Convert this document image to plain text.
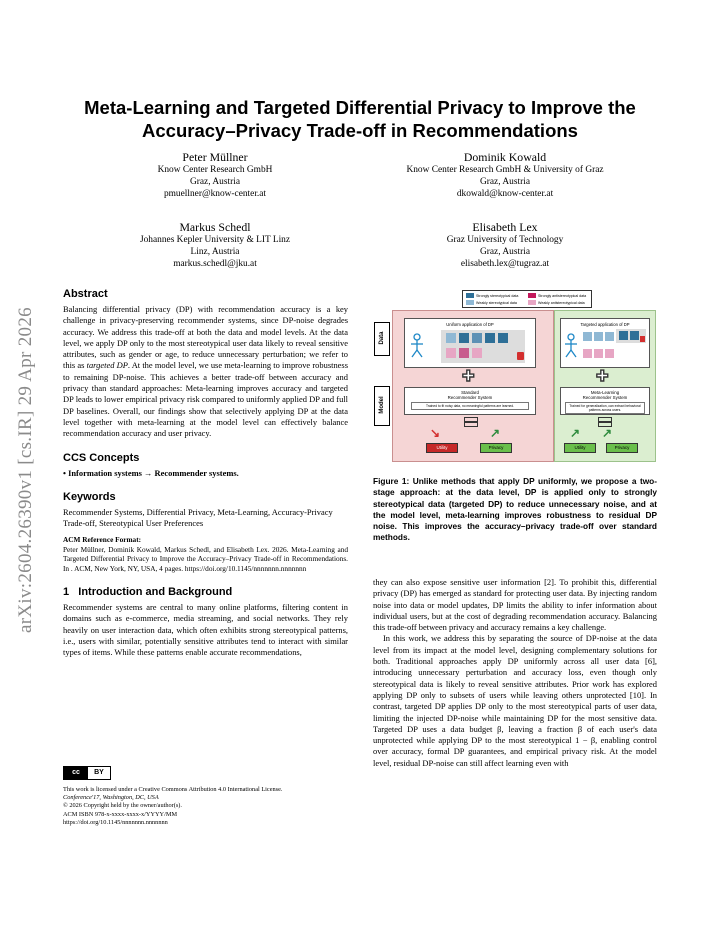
arXiv:2604.26390v1 [cs.IR] 29 Apr 2026
Meta-Learning and Targeted Differential Privacy to Improve the Accuracy–Privacy Trade-off in Recommendations
Peter Müllner
Know Center Research GmbH
Graz, Austria
pmuellner@know-center.at
Dominik Kowald
Know Center Research GmbH & University of Graz
Graz, Austria
dkowald@know-center.at
Markus Schedl
Johannes Kepler University & LIT Linz
Linz, Austria
markus.schedl@jku.at
Elisabeth Lex
Graz University of Technology
Graz, Austria
elisabeth.lex@tugraz.at
Abstract
Balancing differential privacy (DP) with recommendation accuracy is a key challenge in privacy-preserving recommender systems, since DP-noise degrades accuracy. We address this trade-off at both the data and model levels. At the data level, we apply DP only to the most stereotypical user data likely to reveal sensitive attributes, such as gender or age, to reduce unnecessary perturbation; we refer to this as targeted DP. At the model level, we use meta-learning to improve robustness to remaining DP-noise. This achieves a better trade-off between accuracy and privacy than standard approaches: Meta-learning improves accuracy and targeted DP leads to lower empirical privacy risk compared to uniformly applied DP and full DP baselines. Overall, our findings show that selectively applying DP at the data level together with meta-learning at the model level can effectively balance recommendation accuracy and user privacy.
CCS Concepts
• Information systems → Recommender systems.
Keywords
Recommender Systems, Differential Privacy, Meta-Learning, Accuracy-Privacy Trade-off, Stereotypical User Preferences
ACM Reference Format:
Peter Müllner, Dominik Kowald, Markus Schedl, and Elisabeth Lex. 2026. Meta-Learning and Targeted Differential Privacy to Improve the Accuracy–Privacy Trade-off in Recommendations. In . ACM, New York, NY, USA, 4 pages. https://doi.org/10.1145/nnnnnnn.nnnnnnn
1   Introduction and Background
Recommender systems are central to many online platforms, filtering content in domains such as e-commerce, media streaming, and social networks. They rely heavily on user interaction data, which often exhibits strong stereotypical patterns, i.e., users with similar, potentially sensitive attributes tend to interact with similar types of items. While these patterns enable accurate recommendations,
cc	BY
This work is licensed under a Creative Commons Attribution 4.0 International License.
Conference'17, Washington, DC, USA
© 2026 Copyright held by the owner/author(s).
ACM ISBN 978-x-xxxx-xxxx-x/YYYY/MM
https://doi.org/10.1145/nnnnnnn.nnnnnnn
Strongly stereotypical data	Strongly antistereotypical data
Weakly stereotypical data	Weakly antistereotypical data
Data
Model
Uniform application of DP	Targeted application of DP
✚	✚
Standard
Recommender System
Trained to fit noisy data, no meaningful patterns are learned.
Meta-Learning
Recommender System
Trained for generalization, can extract behavioral patterns across users.
↘	↗	↗ ↗
Utility	Privacy	Utility	Privacy
Figure 1: Unlike methods that apply DP uniformly, we propose a two-stage approach: at the data level, DP is applied only to strongly stereotypical data (targeted DP) to reduce unnecessary noise, and at the model level, meta-learning improves robustness to residual DP noise. This improves the accuracy–privacy trade-off over standard methods.

they can also expose sensitive user information [2]. To prohibit this, differential privacy (DP) has emerged as standard for protecting user data. By injecting random noise into data or model updates, DP limits the ability to infer information about individual users, but at the cost of degrading recommendation accuracy. Balancing this trade-off between privacy and accuracy remains a key challenge.

In this work, we address this by separating the source of DP-noise at the data level from its impact at the model level, designing complementary solutions for both. Traditional approaches apply DP uniformly across all user data [6], introducing unnecessary perturbation and accuracy loss, even though only stereotypical data is likely to reveal sensitive attributes. Prior work has explored applying DP only to subsets of users while leaving others unprotected [10]. In contrast, targeted DP applies DP only to the most stereotypical parts of user data, limiting the injected DP-noise while maintaining DP for the most sensitive data. Targeted DP uses a data budget β, leaving a fraction β of each user's data unprotected while applying DP to the most stereotypical 1 − β, enabling control over accuracy, formal DP guarantees, and empirical privacy risk. At the model level, residual DP-noise can still affect learning even with
